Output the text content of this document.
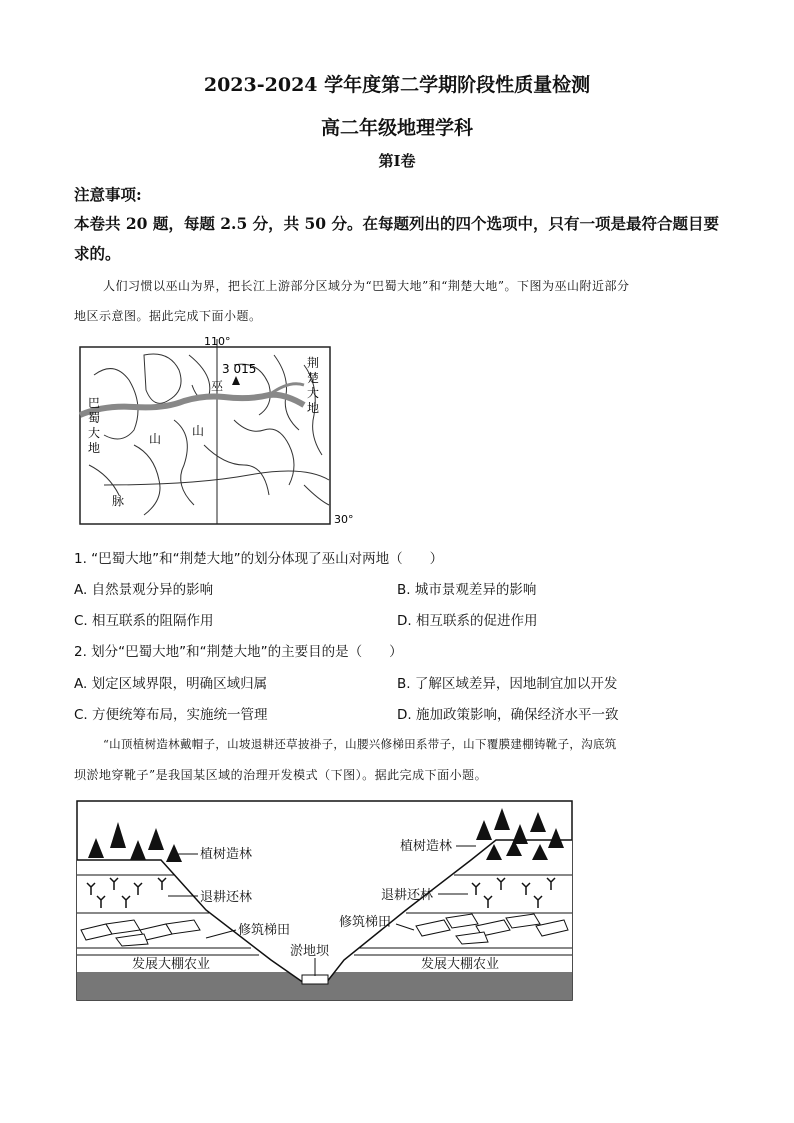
2023-2024 学年度第二学期阶段性质量检测
高二年级地理学科
第Ⅰ卷
注意事项:
本卷共 20 题，每题 2.5 分，共 50 分。在每题列出的四个选项中，只有一项是最符合题目要
求的。
人们习惯以巫山为界，把长江上游部分区域分为“巴蜀大地”和“荆楚大地”。下图为巫山附近部分
地区示意图。据此完成下面小题。
3 015
巫
山
山
脉
巴
蜀
大
地
荆
楚
大
地
110°
30°
1. “巴蜀大地”和“荆楚大地”的划分体现了巫山对两地（　　）
A. 自然景观分异的影响	B. 城市景观差异的影响
C. 相互联系的阻隔作用	D. 相互联系的促进作用
2. 划分“巴蜀大地”和“荆楚大地”的主要目的是（　　）
A. 划定区域界限，明确区域归属	B. 了解区域差异，因地制宜加以开发
C. 方便统筹布局，实施统一管理	D. 施加政策影响，确保经济水平一致
“山顶植树造林戴帽子，山坡退耕还草披褂子，山腰兴修梯田系带子，山下覆膜建棚铸靴子，沟底筑
坝淤地穿靴子”是我国某区域的治理开发模式（下图）。据此完成下面小题。
植树造林
退耕还林
修筑梯田
发展大棚农业
淤地坝
植树造林
退耕还林
修筑梯田
发展大棚农业
